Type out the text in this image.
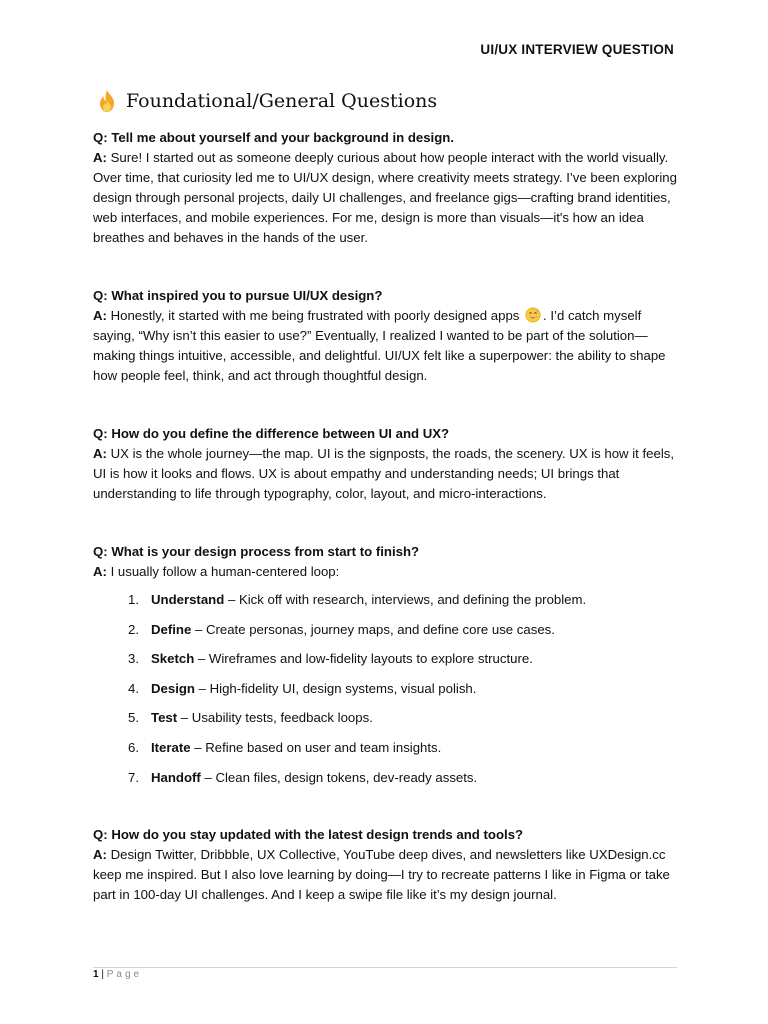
UI/UX INTERVIEW QUESTION
Foundational/General Questions
Q: Tell me about yourself and your background in design.
A: Sure! I started out as someone deeply curious about how people interact with the world visually. Over time, that curiosity led me to UI/UX design, where creativity meets strategy. I’ve been exploring design through personal projects, daily UI challenges, and freelance gigs—crafting brand identities, web interfaces, and mobile experiences. For me, design is more than visuals—it's how an idea breathes and behaves in the hands of the user.
Q: What inspired you to pursue UI/UX design?
A: Honestly, it started with me being frustrated with poorly designed apps . I’d catch myself saying, “Why isn’t this easier to use?” Eventually, I realized I wanted to be part of the solution—making things intuitive, accessible, and delightful. UI/UX felt like a superpower: the ability to shape how people feel, think, and act through thoughtful design.
Q: How do you define the difference between UI and UX?
A: UX is the whole journey—the map. UI is the signposts, the roads, the scenery. UX is how it feels, UI is how it looks and flows. UX is about empathy and understanding needs; UI brings that understanding to life through typography, color, layout, and micro-interactions.
Q: What is your design process from start to finish?
A: I usually follow a human-centered loop:
1. Understand – Kick off with research, interviews, and defining the problem.
2. Define – Create personas, journey maps, and define core use cases.
3. Sketch – Wireframes and low-fidelity layouts to explore structure.
4. Design – High-fidelity UI, design systems, visual polish.
5. Test – Usability tests, feedback loops.
6. Iterate – Refine based on user and team insights.
7. Handoff – Clean files, design tokens, dev-ready assets.
Q: How do you stay updated with the latest design trends and tools?
A: Design Twitter, Dribbble, UX Collective, YouTube deep dives, and newsletters like UXDesign.cc keep me inspired. But I also love learning by doing—I try to recreate patterns I like in Figma or take part in 100-day UI challenges. And I keep a swipe file like it’s my design journal.
1 | Page
